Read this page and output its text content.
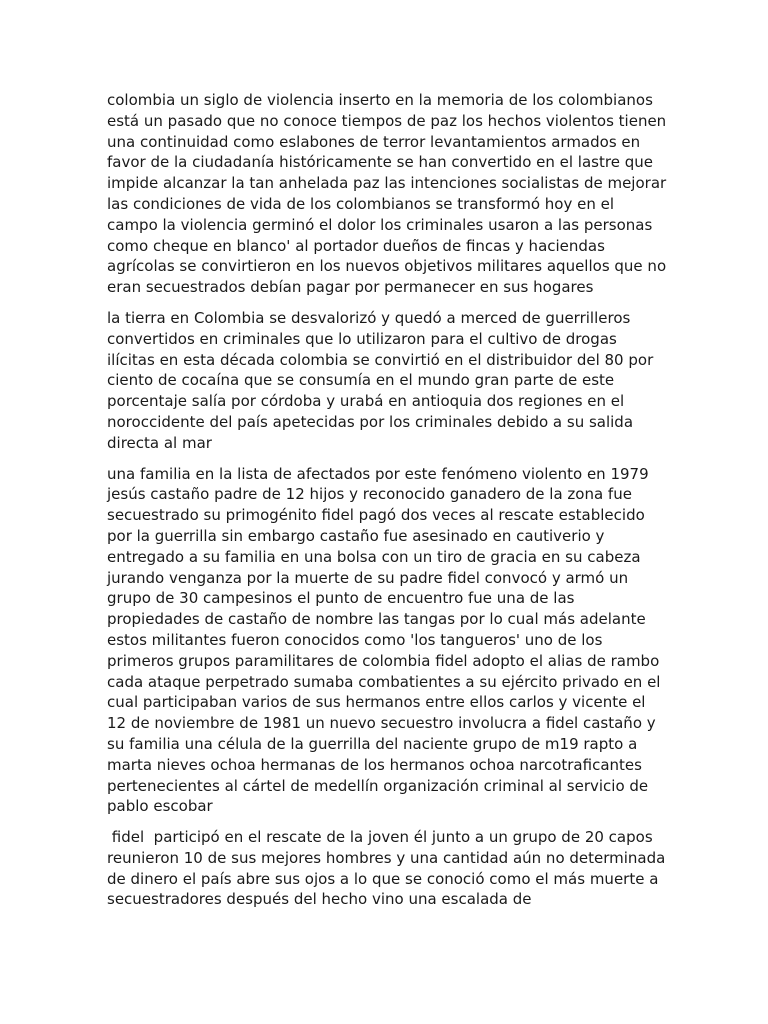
colombia un siglo de violencia inserto en la memoria de los colombianos está un pasado que no conoce tiempos de paz los hechos violentos tienen una continuidad como eslabones de terror levantamientos armados en favor de la ciudadanía históricamente se han convertido en el lastre que impide alcanzar la tan anhelada paz las intenciones socialistas de mejorar las condiciones de vida de los colombianos se transformó hoy en el campo la violencia germinó el dolor los criminales usaron a las personas como cheque en blanco' al portador dueños de fincas y haciendas agrícolas se convirtieron en los nuevos objetivos militares aquellos que no eran secuestrados debían pagar por permanecer en sus hogares

la tierra en Colombia se desvalorizó y quedó a merced de guerrilleros convertidos en criminales que lo utilizaron para el cultivo de drogas ilícitas en esta década colombia se convirtió en el distribuidor del 80 por ciento de cocaína que se consumía en el mundo gran parte de este porcentaje salía por córdoba y urabá en antioquia dos regiones en el noroccidente del país apetecidas por los criminales debido a su salida directa al mar

una familia en la lista de afectados por este fenómeno violento en 1979 jesús castaño padre de 12 hijos y reconocido ganadero de la zona fue secuestrado su primogénito fidel pagó dos veces al rescate establecido por la guerrilla sin embargo castaño fue asesinado en cautiverio y entregado a su familia en una bolsa con un tiro de gracia en su cabeza jurando venganza por la muerte de su padre fidel convocó y armó un grupo de 30 campesinos el punto de encuentro fue una de las propiedades de castaño de nombre las tangas por lo cual más adelante estos militantes fueron conocidos como 'los tangueros' uno de los primeros grupos paramilitares de colombia fidel adopto el alias de rambo cada ataque perpetrado sumaba combatientes a su ejército privado en el cual participaban varios de sus hermanos entre ellos carlos y vicente el 12 de noviembre de 1981 un nuevo secuestro involucra a fidel castaño y su familia una célula de la guerrilla del naciente grupo de m19 rapto a marta nieves ochoa hermanas de los hermanos ochoa narcotraficantes pertenecientes al cártel de medellín organización criminal al servicio de pablo escobar

fidel  participó en el rescate de la joven él junto a un grupo de 20 capos reunieron 10 de sus mejores hombres y una cantidad aún no determinada de dinero el país abre sus ojos a lo que se conoció como el más muerte a secuestradores después del hecho vino una escalada de
